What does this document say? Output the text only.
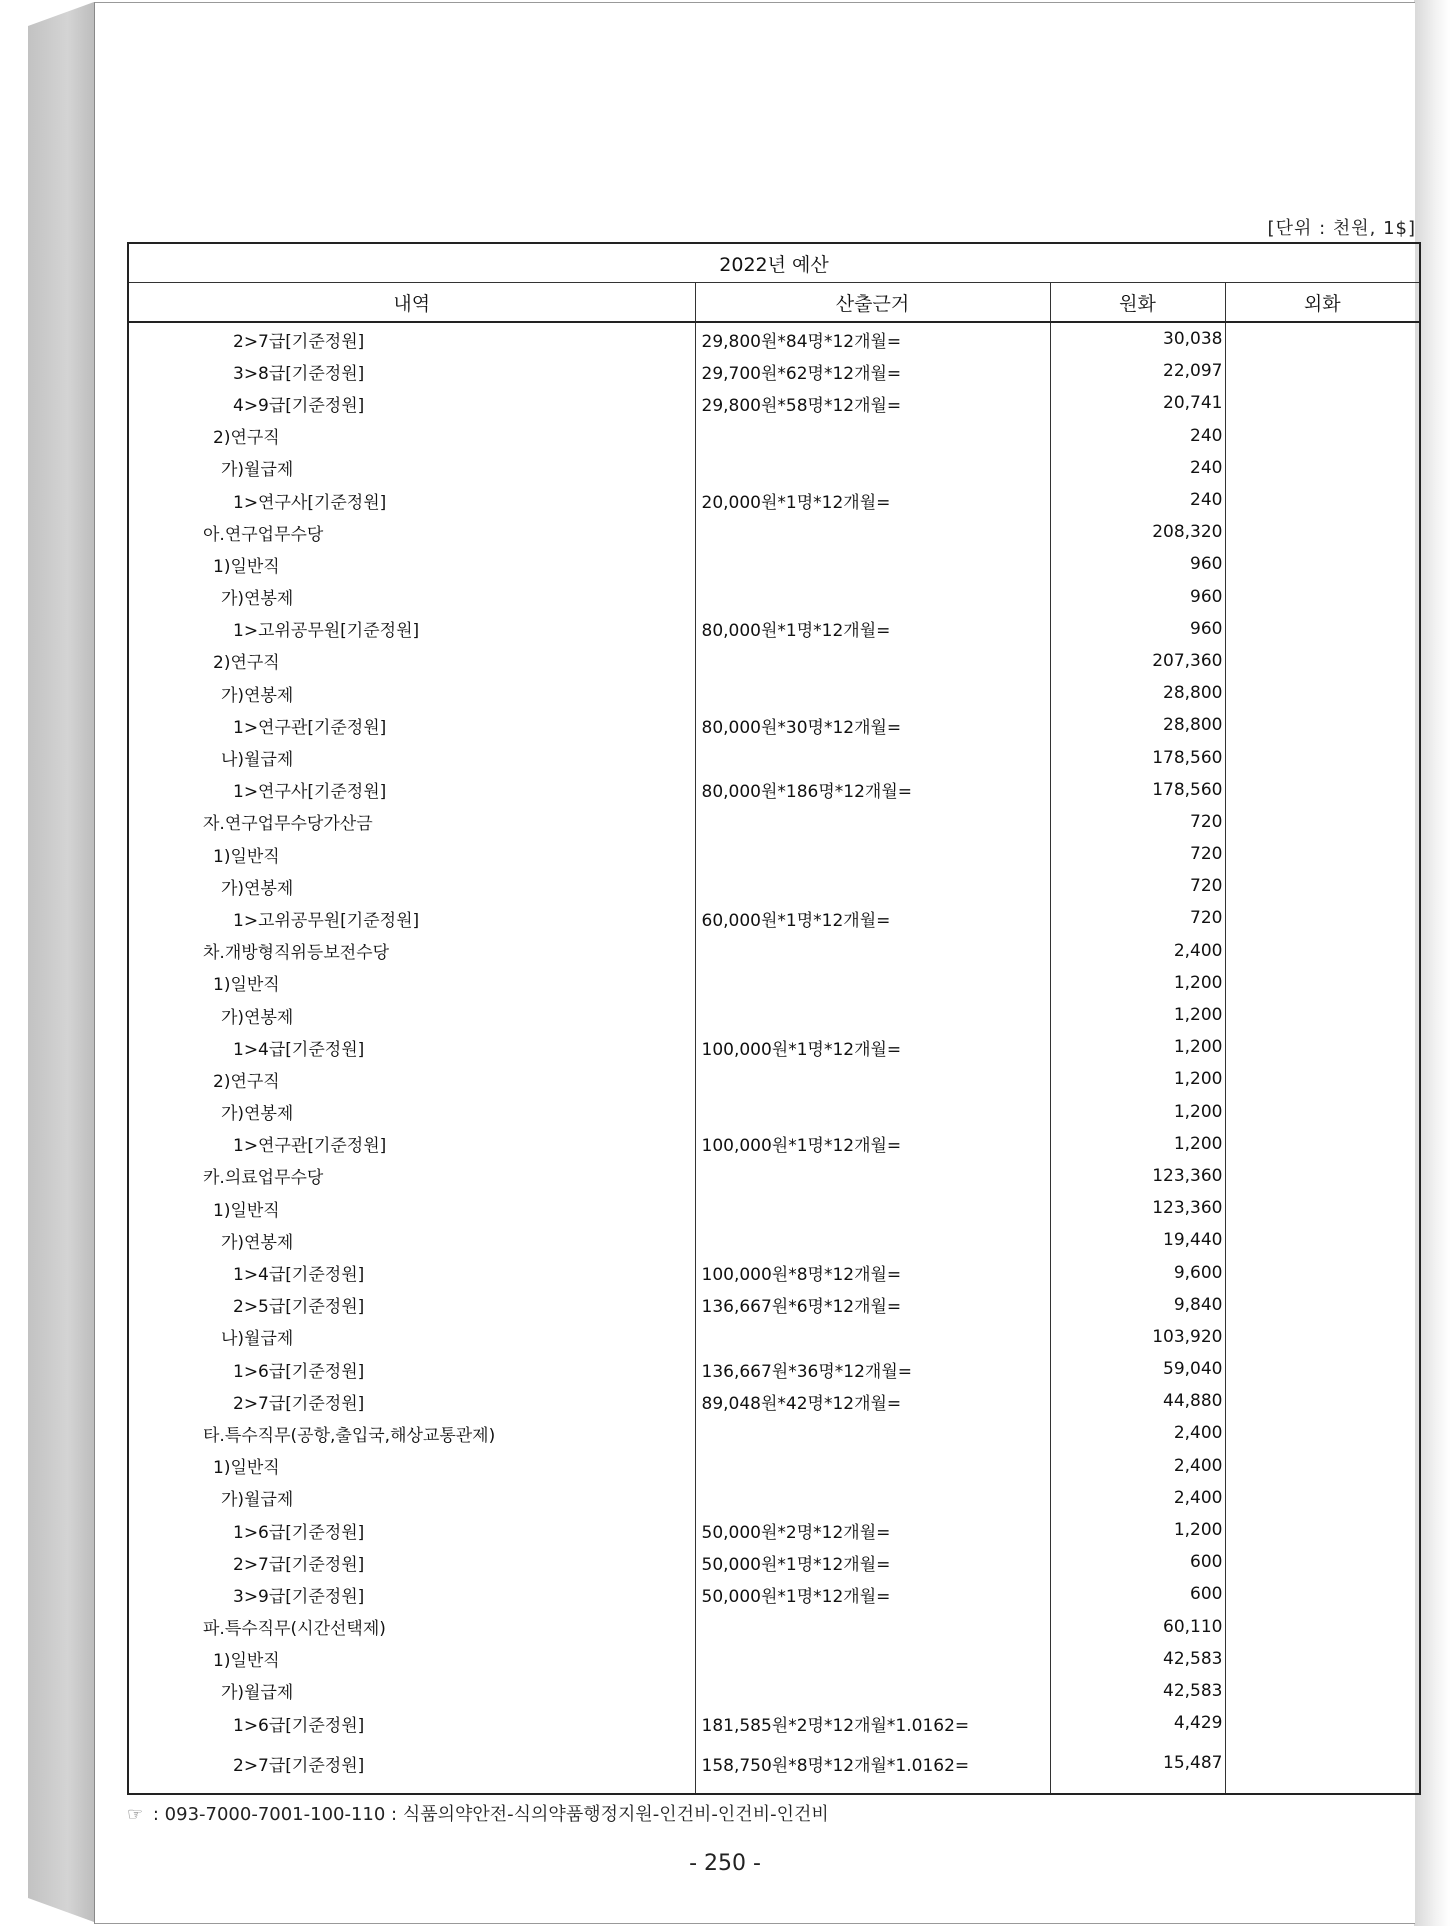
[단위 : 천원, 1$]
2022년 예산			
내역	산출근거	원화	외화
2>7급[기준정원]	29,800원*84명*12개월=	30,038	
3>8급[기준정원]	29,700원*62명*12개월=	22,097	
4>9급[기준정원]	29,800원*58명*12개월=	20,741	
2)연구직		240	
가)월급제		240	
1>연구사[기준정원]	20,000원*1명*12개월=	240	
아.연구업무수당		208,320	
1)일반직		960	
가)연봉제		960	
1>고위공무원[기준정원]	80,000원*1명*12개월=	960	
2)연구직		207,360	
가)연봉제		28,800	
1>연구관[기준정원]	80,000원*30명*12개월=	28,800	
나)월급제		178,560	
1>연구사[기준정원]	80,000원*186명*12개월=	178,560	
자.연구업무수당가산금		720	
1)일반직		720	
가)연봉제		720	
1>고위공무원[기준정원]	60,000원*1명*12개월=	720	
차.개방형직위등보전수당		2,400	
1)일반직		1,200	
가)연봉제		1,200	
1>4급[기준정원]	100,000원*1명*12개월=	1,200	
2)연구직		1,200	
가)연봉제		1,200	
1>연구관[기준정원]	100,000원*1명*12개월=	1,200	
카.의료업무수당		123,360	
1)일반직		123,360	
가)연봉제		19,440	
1>4급[기준정원]	100,000원*8명*12개월=	9,600	
2>5급[기준정원]	136,667원*6명*12개월=	9,840	
나)월급제		103,920	
1>6급[기준정원]	136,667원*36명*12개월=	59,040	
2>7급[기준정원]	89,048원*42명*12개월=	44,880	
타.특수직무(공항,출입국,해상교통관제)		2,400	
1)일반직		2,400	
가)월급제		2,400	
1>6급[기준정원]	50,000원*2명*12개월=	1,200	
2>7급[기준정원]	50,000원*1명*12개월=	600	
3>9급[기준정원]	50,000원*1명*12개월=	600	
파.특수직무(시간선택제)		60,110	
1)일반직		42,583	
가)월급제		42,583	
1>6급[기준정원]	181,585원*2명*12개월*1.0162=	4,429	
2>7급[기준정원]	158,750원*8명*12개월*1.0162=	15,487	
☞ : 093-7000-7001-100-110 : 식품의약안전-식의약품행정지원-인건비-인건비-인건비
- 250 -
